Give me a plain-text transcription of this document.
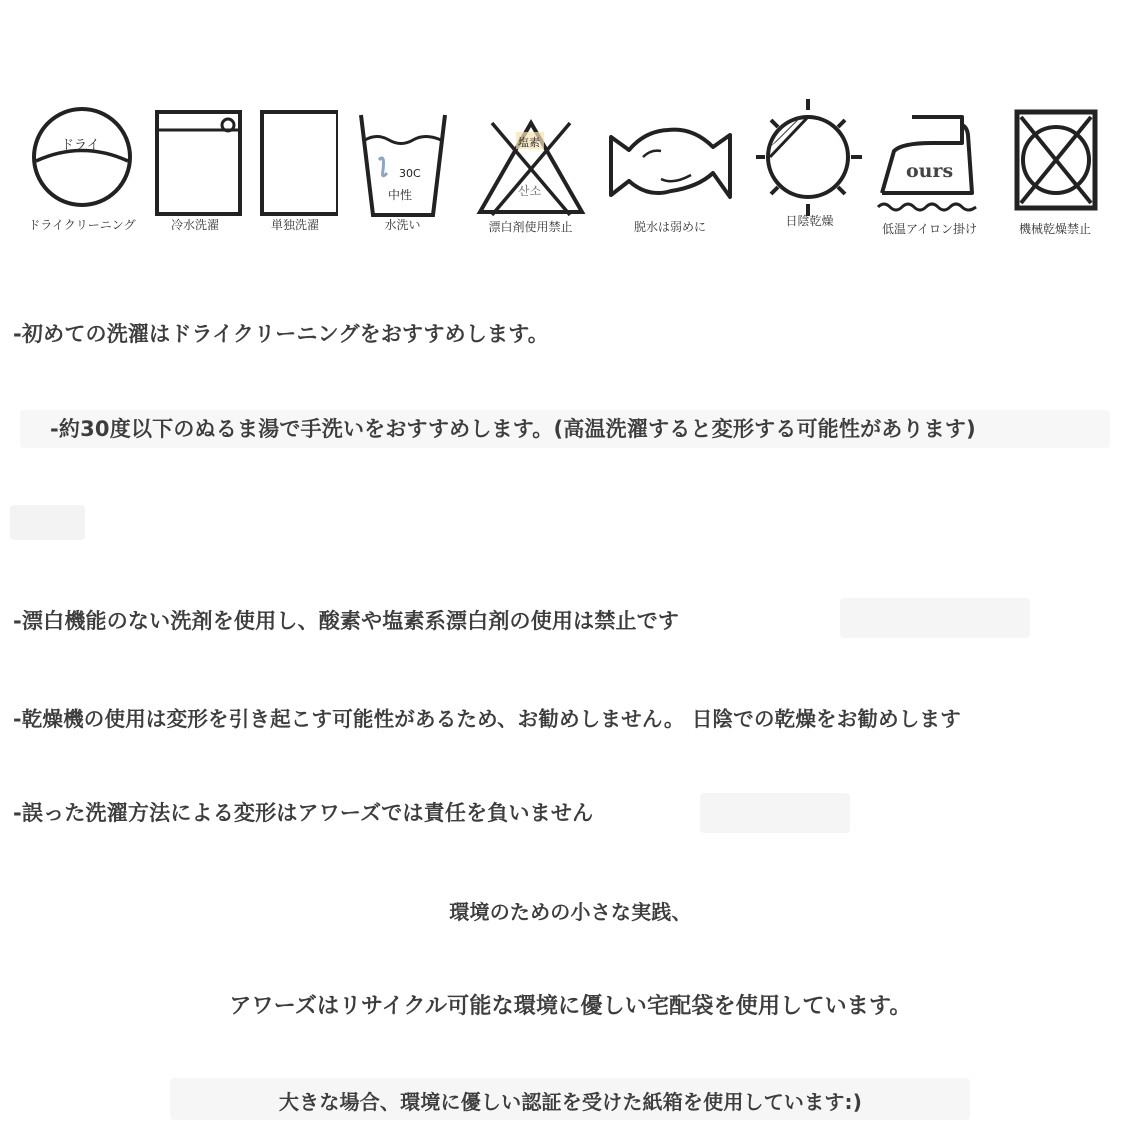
ドライ
ドライクリーニング	冷水洗濯	単独洗濯
30C
中性
水洗い
塩素
산소
漂白剤使用禁止	脱水は弱めに	日陰乾燥
ours
低温アイロン掛け	機械乾燥禁止
-初めての洗濯はドライクリーニングをおすすめします。
-約30度以下のぬるま湯で手洗いをおすすめします。(高温洗濯すると変形する可能性があります)
-漂白機能のない洗剤を使用し、酸素や塩素系漂白剤の使用は禁止です
-乾燥機の使用は変形を引き起こす可能性があるため、お勧めしません。 日陰での乾燥をお勧めします
-誤った洗濯方法による変形はアワーズでは責任を負いません
環境のための小さな実践、
アワーズはリサイクル可能な環境に優しい宅配袋を使用しています。
大きな場合、環境に優しい認証を受けた紙箱を使用しています:)
